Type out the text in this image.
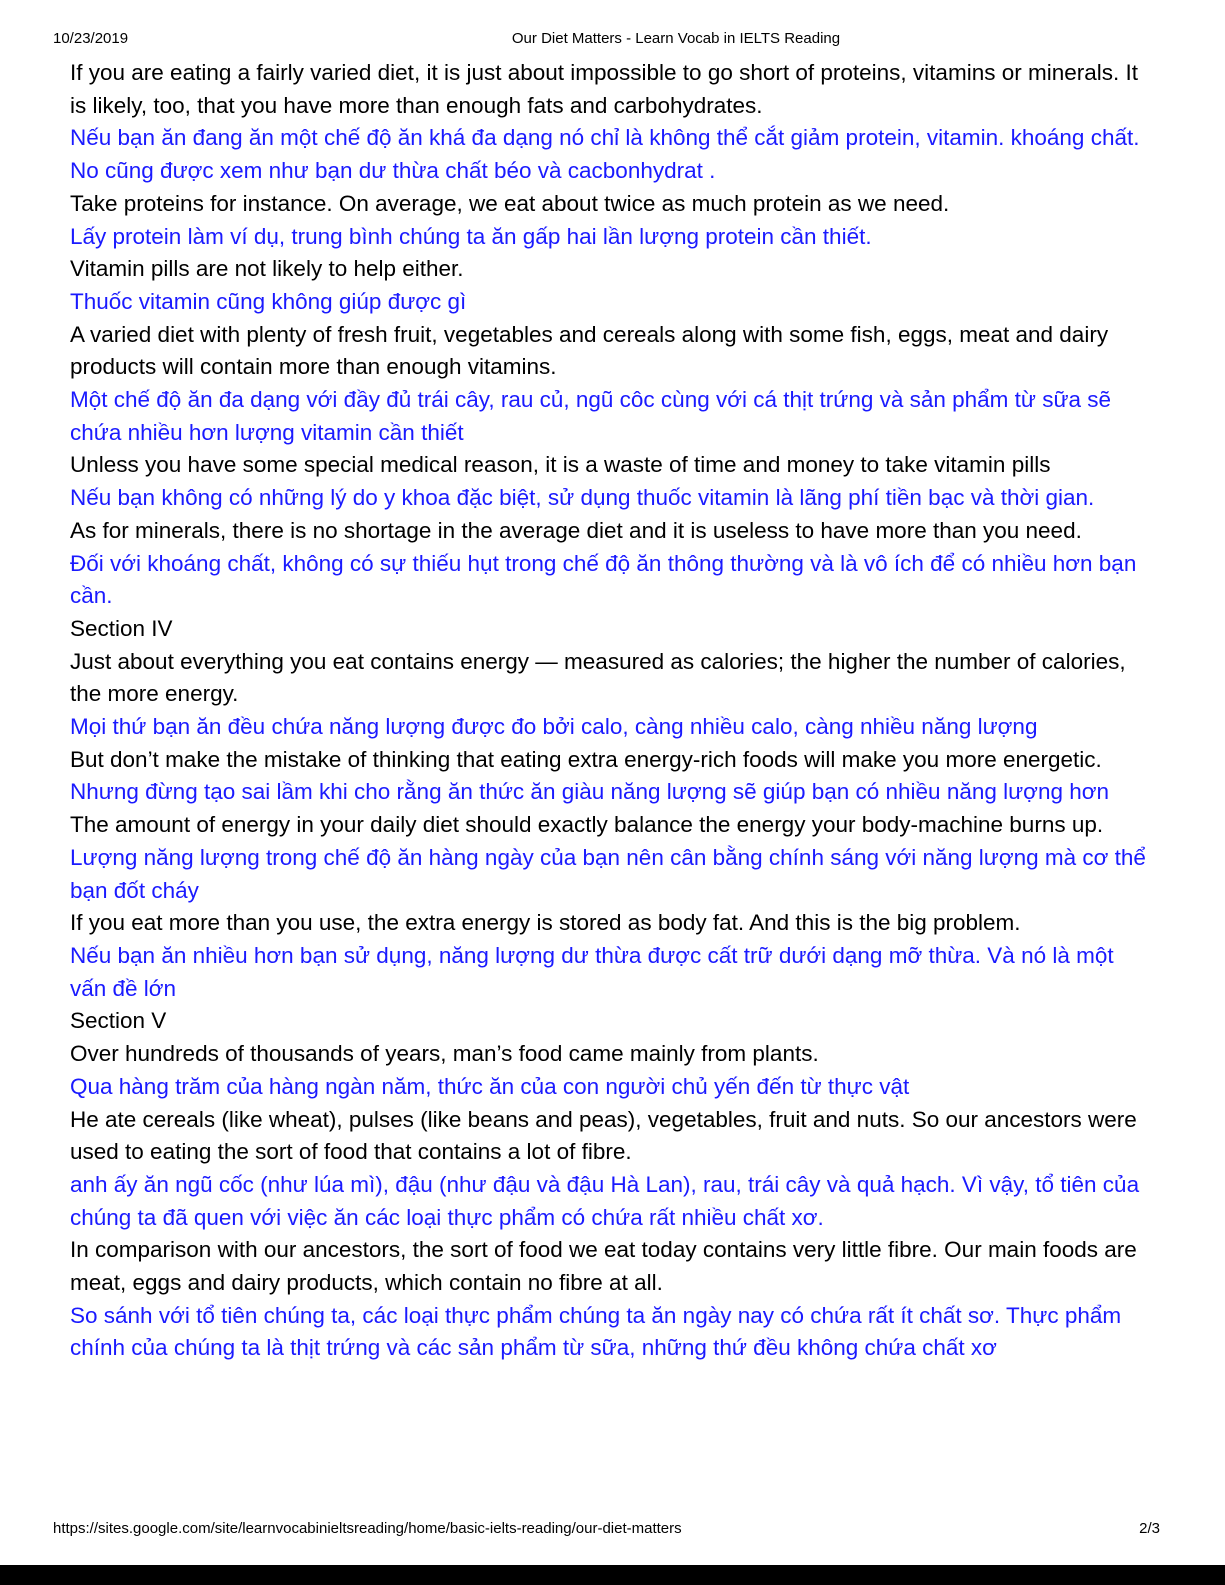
10/23/2019	Our Diet Matters - Learn Vocab in IELTS Reading

If you are eating a fairly varied diet, it is just about impossible to go short of proteins, vitamins or minerals. It is likely, too, that you have more than enough fats and carbohydrates.

Nếu bạn ăn đang ăn một chế độ ăn khá đa dạng nó chỉ là không thể cắt giảm protein, vitamin. khoáng chất. No cũng được xem như bạn dư thừa chất béo và cacbonhydrat .

Take proteins for instance. On average, we eat about twice as much protein as we need.

Lấy protein làm ví dụ, trung bình chúng ta ăn gấp hai lần lượng protein cần thiết.

Vitamin pills are not likely to help either.

Thuốc vitamin cũng không giúp được gì

A varied diet with plenty of fresh fruit, vegetables and cereals along with some fish, eggs, meat and dairy products will contain more than enough vitamins.

Một chế độ ăn đa dạng với đầy đủ trái cây, rau củ, ngũ côc cùng với cá thịt trứng và sản phẩm từ sữa sẽ chứa nhiều hơn lượng vitamin cần thiết

Unless you have some special medical reason, it is a waste of time and money to take vitamin pills

Nếu bạn không có những lý do y khoa đặc biệt, sử dụng thuốc vitamin là lãng phí tiền bạc và thời gian.

As for minerals, there is no shortage in the average diet and it is useless to have more than you need.

Đối với khoáng chất, không có sự thiếu hụt trong chế độ ăn thông thường và là vô ích để có nhiều hơn bạn cần.

Section IV

Just about everything you eat contains energy — measured as calories; the higher the number of calories, the more energy.

Mọi thứ bạn ăn đều chứa năng lượng được đo bởi calo, càng nhiều calo, càng nhiều năng lượng

But don’t make the mistake of thinking that eating extra energy-rich foods will make you more energetic.

Nhưng đừng tạo sai lầm khi cho rằng ăn thức ăn giàu năng lượng sẽ giúp bạn có nhiều năng lượng hơn

The amount of energy in your daily diet should exactly balance the energy your body-machine burns up.

Lượng năng lượng trong chế độ ăn hàng ngày của bạn nên cân bằng chính sáng với năng lượng mà cơ thể bạn đốt cháy

If you eat more than you use, the extra energy is stored as body fat. And this is the big problem.

Nếu bạn ăn nhiều hơn bạn sử dụng, năng lượng dư thừa được cất trữ dưới dạng mỡ thừa. Và nó là một vấn đề lớn

Section V

Over hundreds of thousands of years, man’s food came mainly from plants.

Qua hàng trăm của hàng ngàn năm, thức ăn của con người chủ yến đến từ thực vật

He ate cereals (like wheat), pulses (like beans and peas), vegetables, fruit and nuts. So our ancestors were used to eating the sort of food that contains a lot of fibre.

anh ấy ăn ngũ cốc (như lúa mì), đậu (như đậu và đậu Hà Lan), rau, trái cây và quả hạch. Vì vậy, tổ tiên của chúng ta đã quen với việc ăn các loại thực phẩm có chứa rất nhiều chất xơ.

In comparison with our ancestors, the sort of food we eat today contains very little fibre. Our main foods are meat, eggs and dairy products, which contain no fibre at all.

So sánh với tổ tiên chúng ta, các loại thực phẩm chúng ta ăn ngày nay có chứa rất ít chất sơ. Thực phẩm chính của chúng ta là thịt trứng và các sản phẩm từ sữa, những thứ đều không chứa chất xơ

https://sites.google.com/site/learnvocabinieltsreading/home/basic-ielts-reading/our-diet-matters	2/3
